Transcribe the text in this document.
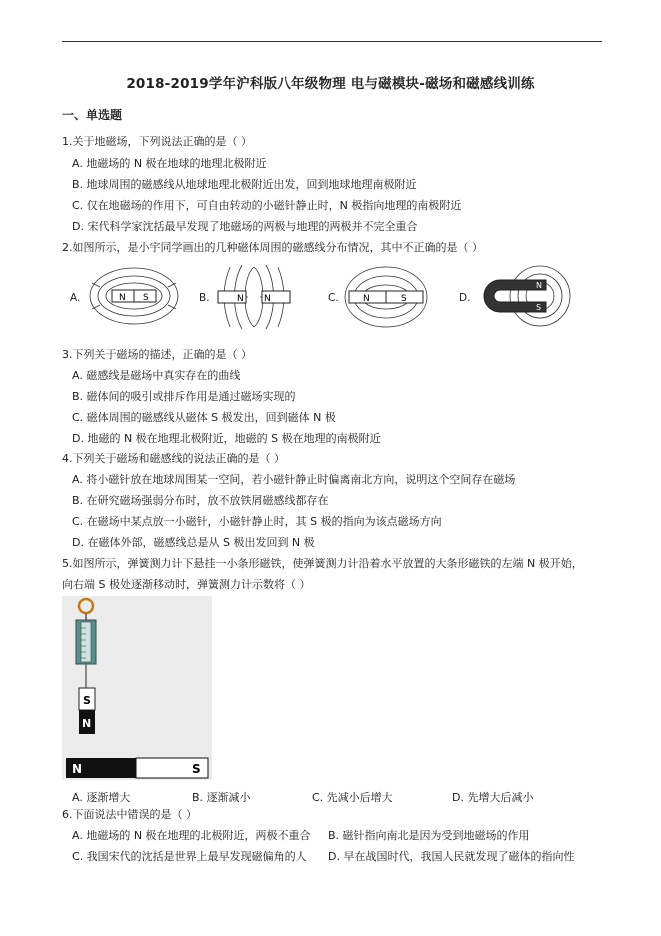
2018-2019学年沪科版八年级物理 电与磁模块-磁场和磁感线训练
一、单选题
1.关于地磁场，下列说法正确的是（ ）
A. 地磁场的 N 极在地球的地理北极附近
B. 地球周围的磁感线从地球地理北极附近出发，回到地球地理南极附近
C. 仅在地磁场的作用下，可自由转动的小磁针静止时，N 极指向地理的南极附近
D. 宋代科学家沈括最早发现了地磁场的两极与地理的两极并不完全重合
2.如图所示，是小宇同学画出的几种磁体周围的磁感线分布情况，其中不正确的是（ ）
A.	N S	B.	N N	C.	N	S	D.
N
S
3.下列关于磁场的描述，正确的是（ ）
A. 磁感线是磁场中真实存在的曲线
B. 磁体间的吸引或排斥作用是通过磁场实现的
C. 磁体周围的磁感线从磁体 S 极发出，回到磁体 N 极
D. 地磁的 N 极在地理北极附近，地磁的 S 极在地理的南极附近
4.下列关于磁场和磁感线的说法正确的是（ ）
A. 将小磁针放在地球周围某一空间，若小磁针静止时偏离南北方向，说明这个空间存在磁场
B. 在研究磁场强弱分布时，放不放铁屑磁感线都存在
C. 在磁场中某点放一小磁针，小磁针静止时，其 S 极的指向为该点磁场方向
D. 在磁体外部，磁感线总是从 S 极出发回到 N 极
5.如图所示，弹簧测力计下悬挂一小条形磁铁，使弹簧测力计沿着水平放置的大条形磁铁的左端 N 极开始，
向右端 S 极处逐渐移动时，弹簧测力计示数将（ ）
S
N
N	S
A. 逐渐增大	B. 逐渐减小	C. 先减小后增大	D. 先增大后减小
6.下面说法中错误的是（ ）
A. 地磁场的 N 极在地理的北极附近，两极不重合 B. 磁针指向南北是因为受到地磁场的作用
C. 我国宋代的沈括是世界上最早发现磁偏角的人 D. 早在战国时代，我国人民就发现了磁体的指向性
